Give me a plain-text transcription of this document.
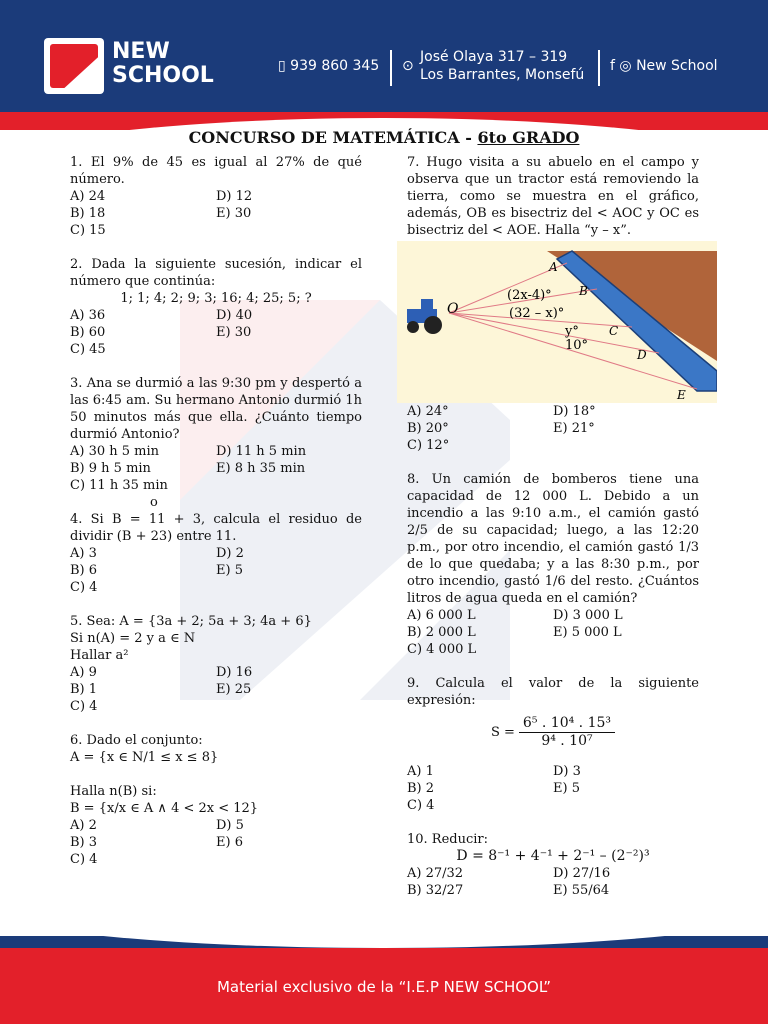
NEW
SCHOOL	▯ 939 860 345 ⊙
José Olaya 317 – 319
Los Barrantes, Monsefú
f ◎ New School
CONCURSO DE MATEMÁTICA - 6to GRADO

1. El 9% de 45 es igual al 27% de qué número.

A) 24	D) 12
B) 18	E) 30
C) 15

2. Dada la siguiente sucesión, indicar el número que continúa:

1; 1; 4; 2; 9; 3; 16; 4; 25; 5; ?

A) 36	D) 40
B) 60	E) 30
C) 45

3. Ana se durmió a las 9:30 pm y despertó a las 6:45 am. Su hermano Antonio durmió 1h 50 minutos más que ella. ¿Cuánto tiempo durmió Antonio?

A) 30 h 5 min	D) 11 h 5 min
B) 9 h 5 min	E) 8 h 35 min
C) 11 h 35 min

o

4. Si B = 11 + 3, calcula el residuo de dividir (B + 23) entre 11.

A) 3	D) 2
B) 6	E) 5
C) 4

5. Sea: A = {3a + 2; 5a + 3; 4a + 6}

Si n(A) = 2 y a ∈ N

Hallar a²

A) 9	D) 16
B) 1	E) 25
C) 4

6. Dado el conjunto:

A = {x ∈ N/1 ≤ x ≤ 8}

Halla n(B) si:

B = {x/x ∈ A ∧ 4 < 2x < 12}

A) 2	D) 5
B) 3	E) 6
C) 4

7. Hugo visita a su abuelo en el campo y observa que un tractor está removiendo la tierra, como se muestra en el gráfico, además, OB es bisectriz del < AOC y OC es bisectriz del < AOE. Halla “y – x”.

O
A
B
C
D
E
(2x-4)°
(32 – x)°
y°
10°
A) 24°	D) 18°
B) 20°	E) 21°
C) 12°

8. Un camión de bomberos tiene una capacidad de 12 000 L. Debido a un incendio a las 9:10 a.m., el camión gastó 2/5 de su capacidad; luego, a las 12:20 p.m., por otro incendio, el camión gastó 1/3 de lo que quedaba; y a las 8:30 p.m., por otro incendio, gastó 1/6 del resto. ¿Cuántos litros de agua queda en el camión?

A) 6 000 L	D) 3 000 L
B) 2 000 L	E) 5 000 L
C) 4 000 L

9. Calcula el valor de la siguiente expresión:

$S = \frac{\text{6⁵ . 10⁴ . 15³}}{\text{9⁴ . 10⁷}}$
A) 1	D) 3
B) 2	E) 5
C) 4

10. Reducir:

D = 8⁻¹ + 4⁻¹ + 2⁻¹ – (2⁻²)³

A) 27/32	D) 27/16
B) 32/27	E) 55/64
Material exclusivo de la “I.E.P NEW SCHOOL”
